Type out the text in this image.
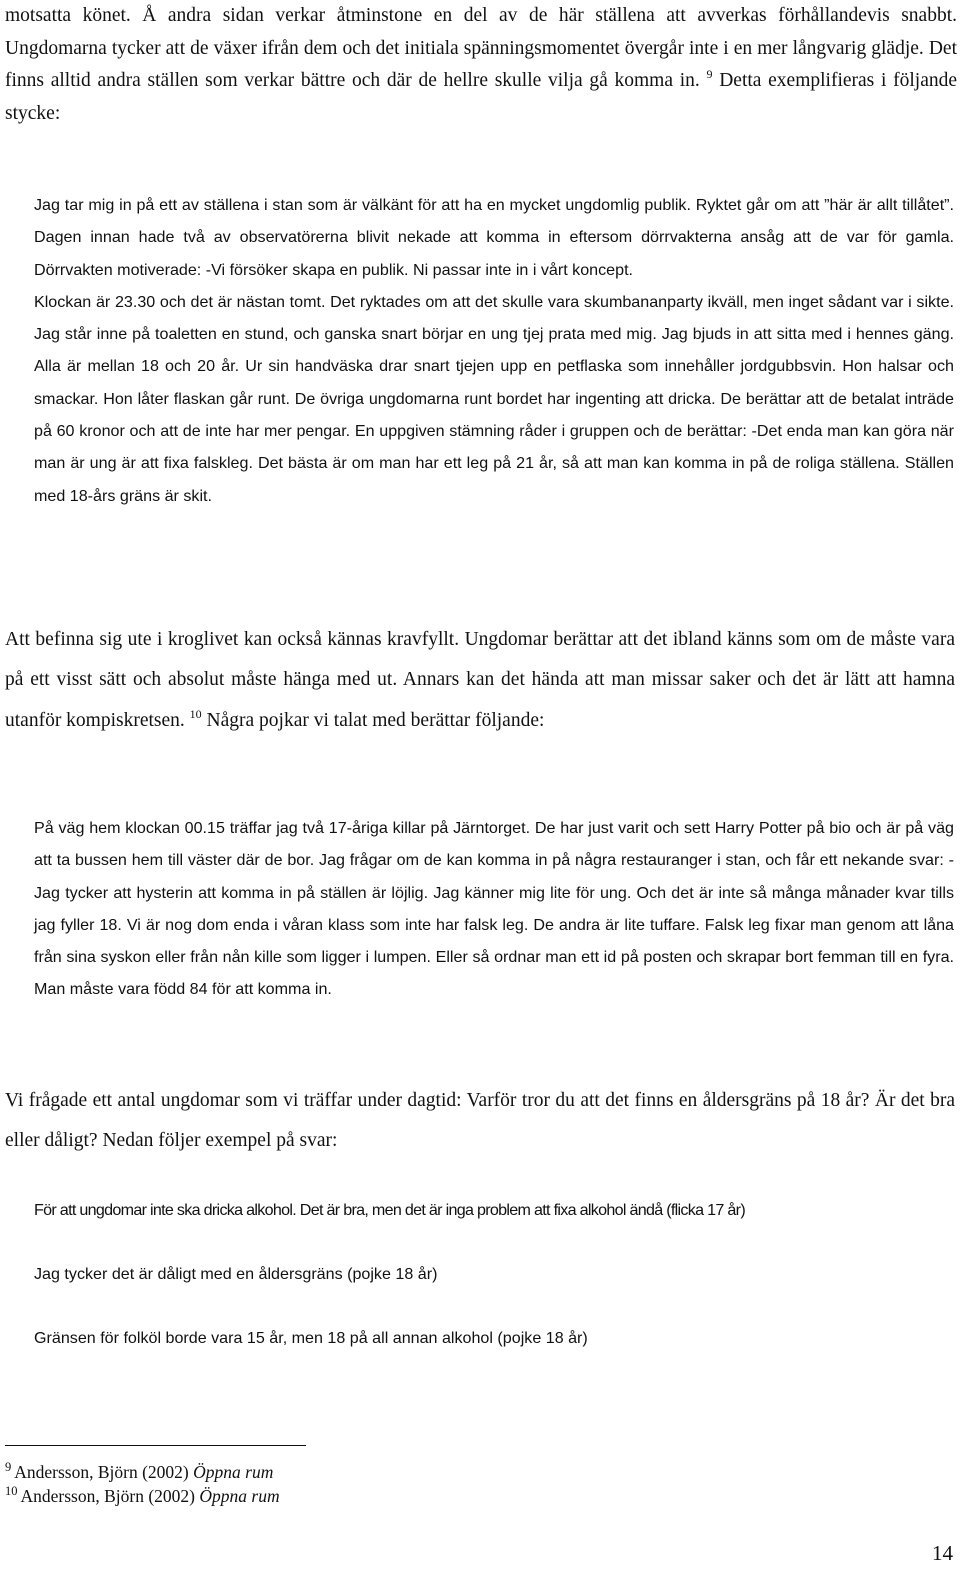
motsatta könet. Å andra sidan verkar åtminstone en del av de här ställena att avverkas förhållandevis snabbt. Ungdomarna tycker att de växer ifrån dem och det initiala spänningsmomentet övergår inte i en mer långvarig glädje. Det finns alltid andra ställen som verkar bättre och där de hellre skulle vilja gå komma in. $^9$ Detta exemplifieras i följande stycke:

Jag tar mig in på ett av ställena i stan som är välkänt för att ha en mycket ungdomlig publik. Ryktet går om att ”här är allt tillåtet”. Dagen innan hade två av observatörerna blivit nekade att komma in eftersom dörrvakterna ansåg att de var för gamla. Dörrvakten motiverade: -Vi försöker skapa en publik. Ni passar inte in i vårt koncept.
Klockan är 23.30 och det är nästan tomt. Det ryktades om att det skulle vara skumbananparty ikväll, men inget sådant var i sikte. Jag står inne på toaletten en stund, och ganska snart börjar en ung tjej prata med mig. Jag bjuds in att sitta med i hennes gäng. Alla är mellan 18 och 20 år. Ur sin handväska drar snart tjejen upp en petflaska som innehåller jordgubbsvin. Hon halsar och smackar. Hon låter flaskan går runt. De övriga ungdomarna runt bordet har ingenting att dricka. De berättar att de betalat inträde på 60 kronor och att de inte har mer pengar. En uppgiven stämning råder i gruppen och de berättar: -Det enda man kan göra när man är ung är att fixa falskleg. Det bästa är om man har ett leg på 21 år, så att man kan komma in på de roliga ställena. Ställen med 18-års gräns är skit.

Att befinna sig ute i kroglivet kan också kännas kravfyllt. Ungdomar berättar att det ibland känns som om de måste vara på ett visst sätt och absolut måste hänga med ut. Annars kan det hända att man missar saker och det är lätt att hamna utanför kompiskretsen. $^{10}$ Några pojkar vi talat med berättar följande:

På väg hem klockan 00.15 träffar jag två 17-åriga killar på Järntorget. De har just varit och sett Harry Potter på bio och är på väg att ta bussen hem till väster där de bor. Jag frågar om de kan komma in på några restauranger i stan, och får ett nekande svar: -Jag tycker att hysterin att komma in på ställen är löjlig. Jag känner mig lite för ung. Och det är inte så många månader kvar tills jag fyller 18. Vi är nog dom enda i våran klass som inte har falsk leg. De andra är lite tuffare. Falsk leg fixar man genom att låna från sina syskon eller från nån kille som ligger i lumpen. Eller så ordnar man ett id på posten och skrapar bort femman till en fyra. Man måste vara född 84 för att komma in.

Vi frågade ett antal ungdomar som vi träffar under dagtid: Varför tror du att det finns en åldersgräns på 18 år? Är det bra eller dåligt? Nedan följer exempel på svar:

För att ungdomar inte ska dricka alkohol. Det är bra, men det är inga problem att fixa alkohol ändå (flicka 17 år)
Jag tycker det är dåligt med en åldersgräns (pojke 18 år)
Gränsen för folköl borde vara 15 år, men 18 på all annan alkohol (pojke 18 år)
$^9$ Andersson, Björn (2002) Öppna rum
$^{10}$ Andersson, Björn (2002) Öppna rum
14
